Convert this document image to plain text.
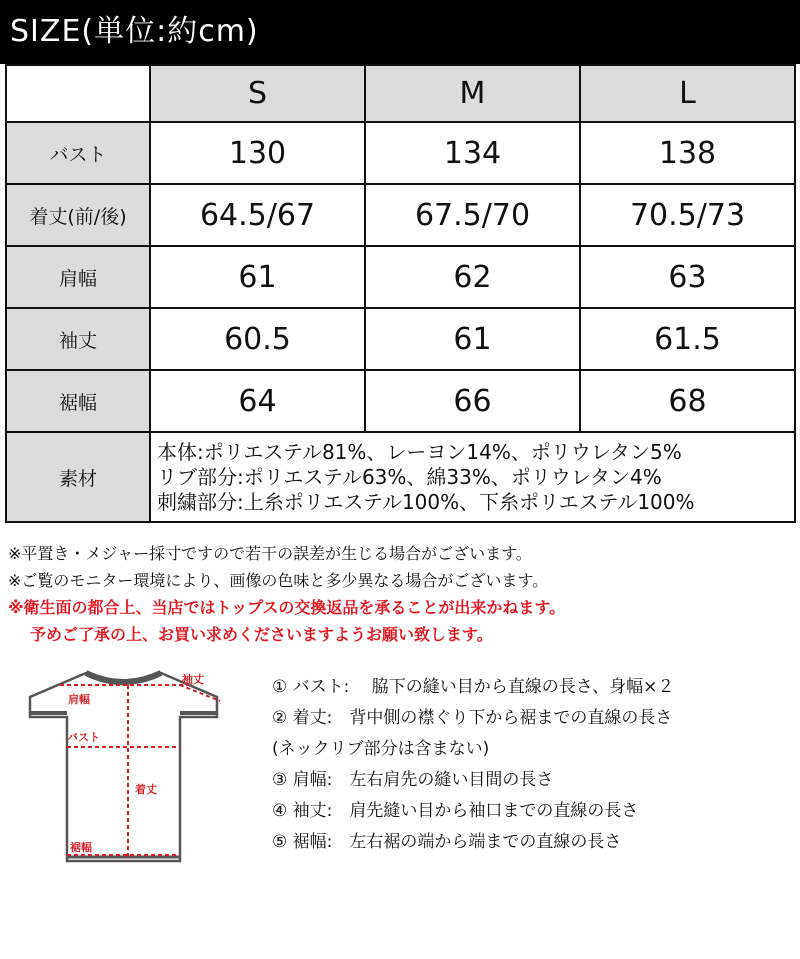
SIZE(単位:約cm)
	S	M	L
バスト	130	134	138
着丈(前/後)	64.5/67	67.5/70	70.5/73
肩幅	61	62	63
袖丈	60.5	61	61.5
裾幅	64	66	68
素材	本体:ポリエステル81%、レーヨン14%、ポリウレタン5%
リブ部分:ポリエステル63%、綿33%、ポリウレタン4%
刺繍部分:上糸ポリエステル100%、下糸ポリエステル100%		
※平置き・メジャー採寸ですので若干の誤差が生じる場合がございます。
※ご覧のモニター環境により、画像の色味と多少異なる場合がございます。
※衛生面の都合上、当店ではトップスの交換返品を承ることが出来かねます。
予めご了承の上、お買い求めくださいますようお願い致します。
肩幅
袖丈
バスト
着丈
裾幅
① バスト:　 脇下の縫い目から直線の長さ、身幅×２
② 着丈:　背中側の襟ぐり下から裾までの直線の長さ
(ネックリブ部分は含まない)
③ 肩幅:　左右肩先の縫い目間の長さ
④ 袖丈:　肩先縫い目から袖口までの直線の長さ
⑤ 裾幅:　左右裾の端から端までの直線の長さ
